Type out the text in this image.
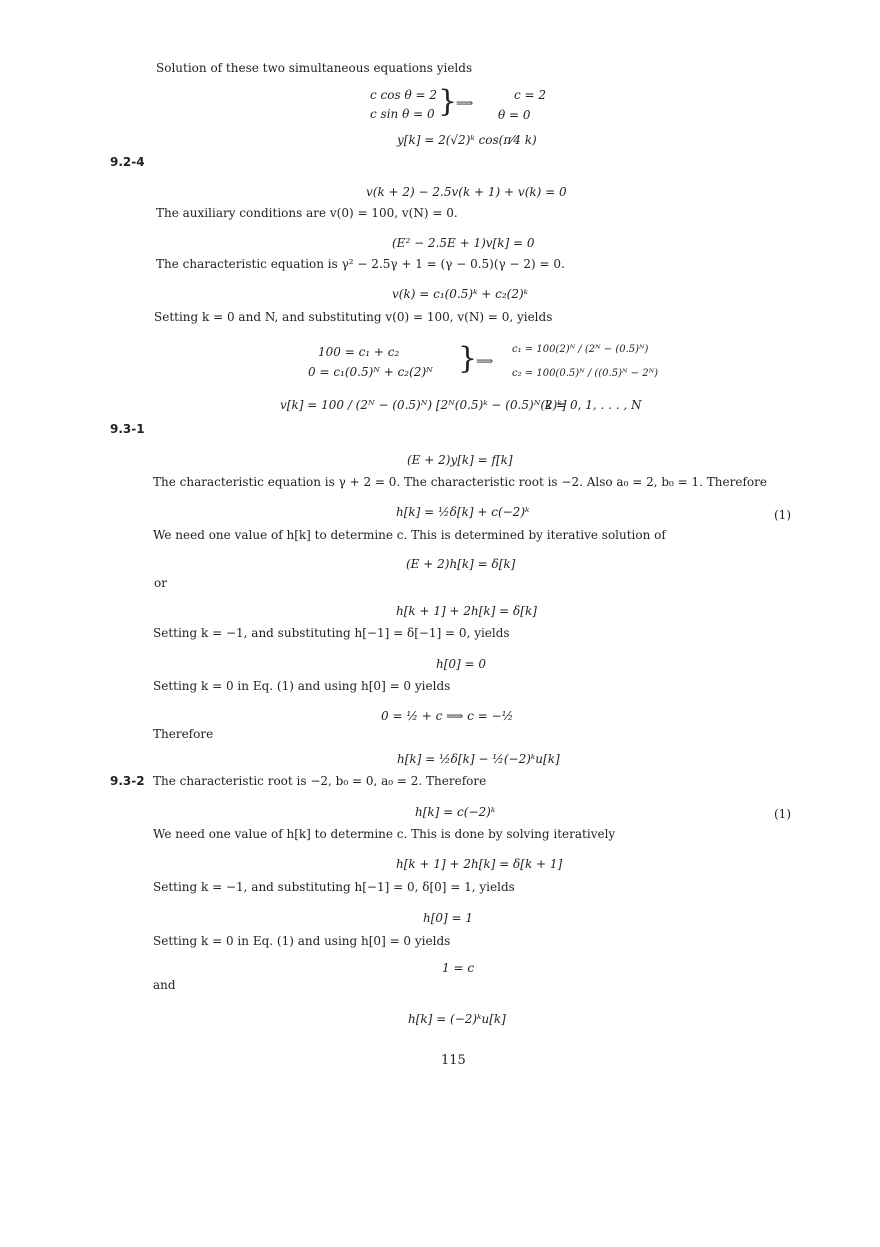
Solution of these two simultaneous equations yields
c cos θ = 2
c sin θ = 0 }
⟹
c = 2
θ = 0
y[k] = 2(√2)ᵏ cos(π⁄4 k)
9.2-4
v(k + 2) − 2.5v(k + 1) + v(k) = 0
The auxiliary conditions are v(0) = 100, v(N) = 0.
(E² − 2.5E + 1)v[k] = 0
The characteristic equation is γ² − 2.5γ + 1 = (γ − 0.5)(γ − 2) = 0.
v(k) = c₁(0.5)ᵏ + c₂(2)ᵏ
Setting k = 0 and N, and substituting v(0) = 100, v(N) = 0, yields
100 = c₁ + c₂
0 = c₁(0.5)ᴺ + c₂(2)ᴺ }
⟹
c₁ = 100(2)ᴺ / (2ᴺ − (0.5)ᴺ)
c₂ = 100(0.5)ᴺ / ((0.5)ᴺ − 2ᴺ)
v[k] = 100 / (2ᴺ − (0.5)ᴺ) [2ᴺ(0.5)ᵏ − (0.5)ᴺ(2)ᵏ]
k = 0, 1, . . . , N
9.3-1
(E + 2)y[k] = f[k]
The characteristic equation is γ + 2 = 0. The characteristic root is −2. Also a₀ = 2, b₀ = 1. Therefore
h[k] = ½δ[k] + c(−2)ᵏ	(1)
We need one value of h[k] to determine c. This is determined by iterative solution of
(E + 2)h[k] = δ[k]
or
h[k + 1] + 2h[k] = δ[k]
Setting k = −1, and substituting h[−1] = δ[−1] = 0, yields
h[0] = 0
Setting k = 0 in Eq. (1) and using h[0] = 0 yields
0 = ½ + c ⟹ c = −½
Therefore
h[k] = ½δ[k] − ½(−2)ᵏu[k]
9.3-2 The characteristic root is −2, b₀ = 0, a₀ = 2. Therefore
h[k] = c(−2)ᵏ	(1)
We need one value of h[k] to determine c. This is done by solving iteratively
h[k + 1] + 2h[k] = δ[k + 1]
Setting k = −1, and substituting h[−1] = 0, δ[0] = 1, yields
h[0] = 1
Setting k = 0 in Eq. (1) and using h[0] = 0 yields
1 = c
and
h[k] = (−2)ᵏu[k]
115
